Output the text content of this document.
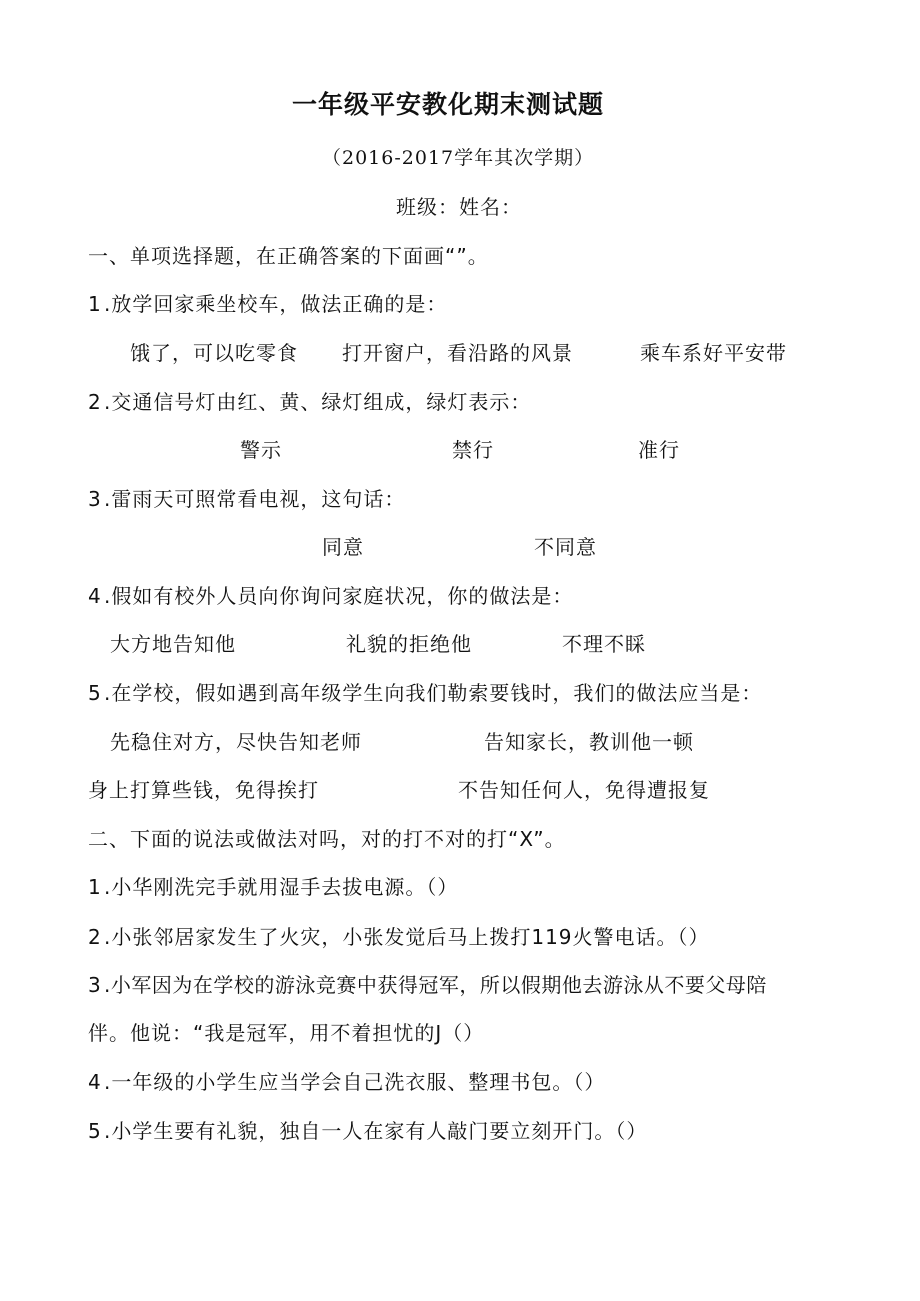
一年级平安教化期末测试题
（2016-2017学年其次学期）
班级：姓名：
一、单项选择题，在正确答案的下面画“”。
1 .放学回家乘坐校车，做法正确的是：
饿了，可以吃零食 打开窗户，看沿路的风景	乘车系好平安带
2 .交通信号灯由红、黄、绿灯组成，绿灯表示：
警示	禁行	准行
3 .雷雨天可照常看电视，这句话：
同意	不同意
4 .假如有校外人员向你询问家庭状况，你的做法是：
大方地告知他	礼貌的拒绝他	不理不睬
5 .在学校，假如遇到高年级学生向我们勒索要钱时，我们的做法应当是：
先稳住对方，尽快告知老师	告知家长，教训他一顿
身上打算些钱，免得挨打	不告知任何人，免得遭报复
二、下面的说法或做法对吗，对的打不对的打“X”。
1 .小华刚洗完手就用湿手去拔电源。（）
2 .小张邻居家发生了火灾，小张发觉后马上拨打119火警电话。（）
3 .小军因为在学校的游泳竞赛中获得冠军，所以假期他去游泳从不要父母陪
伴。他说：“我是冠军，用不着担忧的J（）
4 .一年级的小学生应当学会自己洗衣服、整理书包。（）
5 .小学生要有礼貌，独自一人在家有人敲门要立刻开门。（）
